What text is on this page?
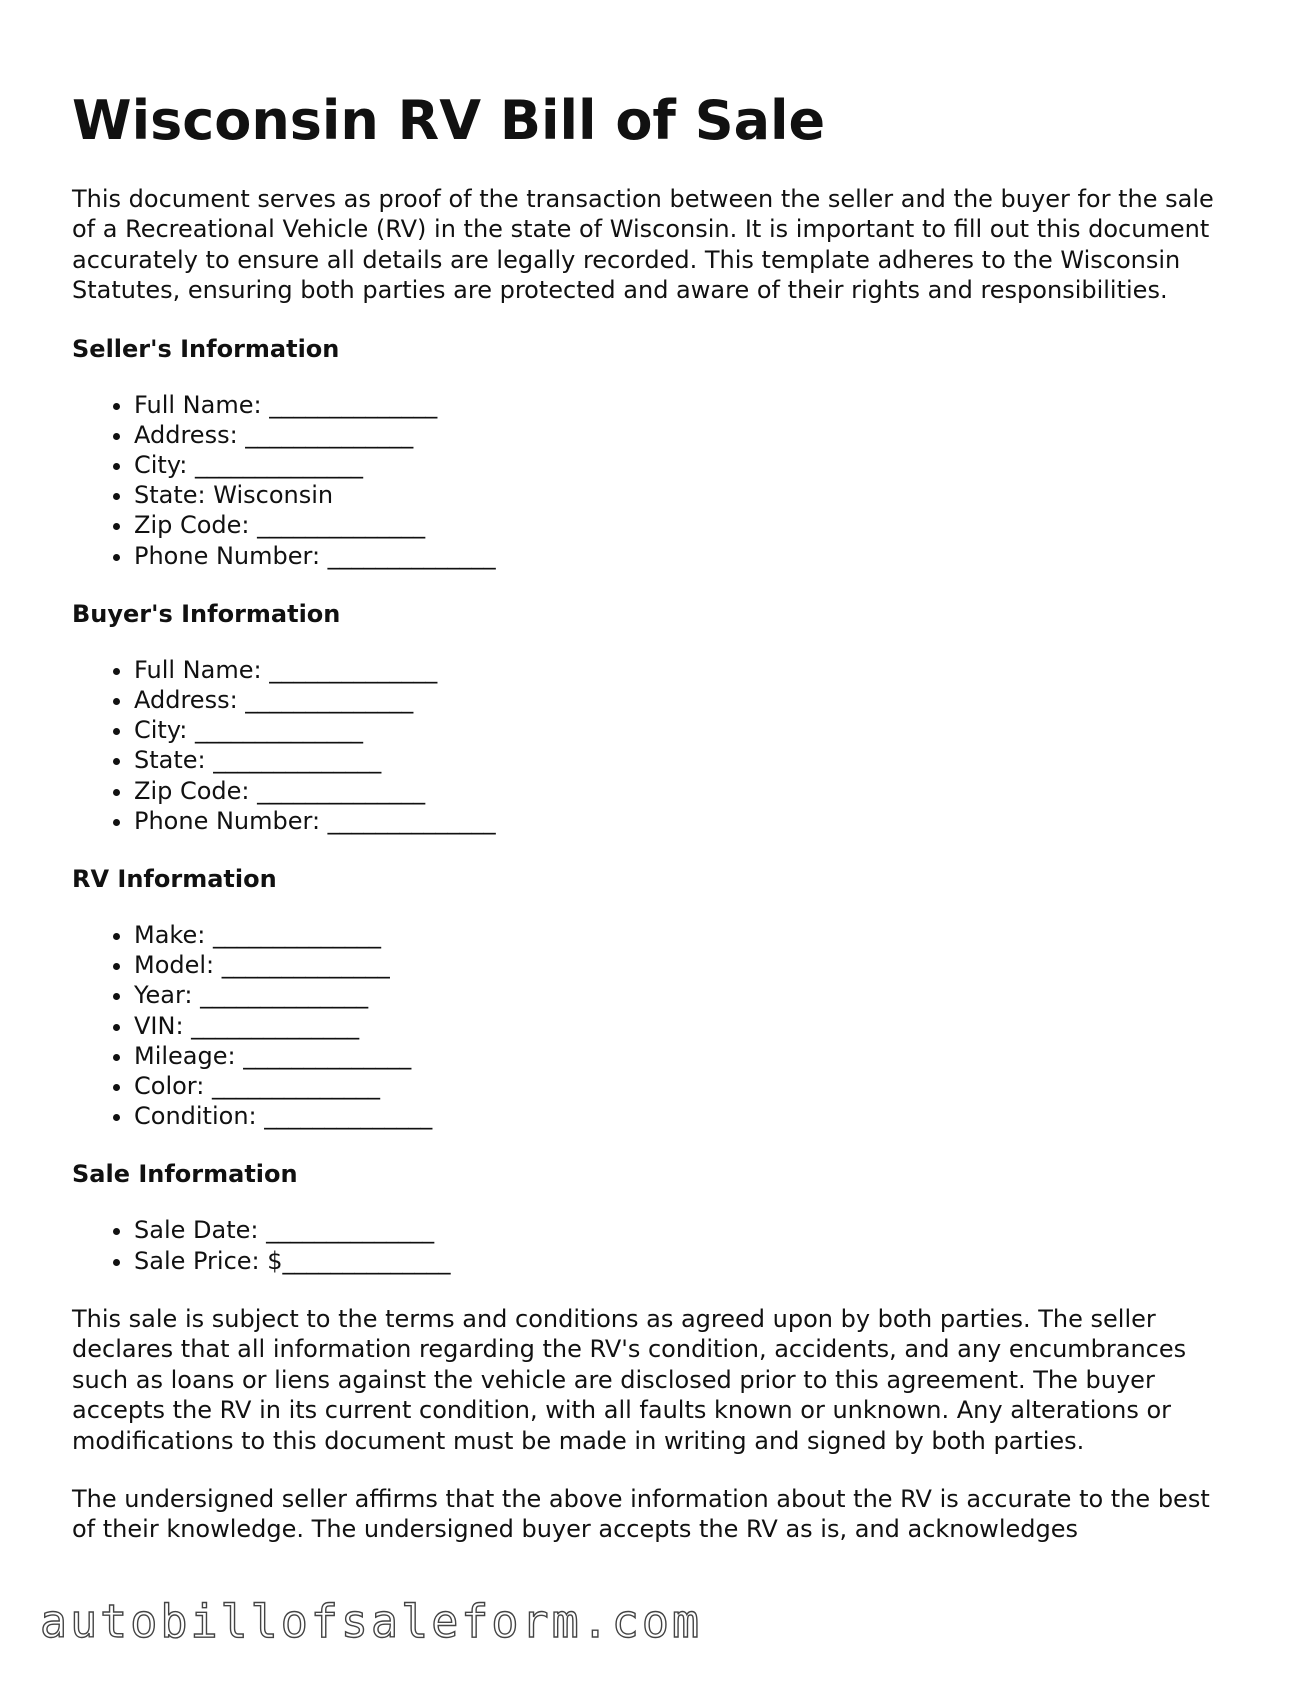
Wisconsin RV Bill of Sale

This document serves as proof of the transaction between the seller and the buyer for the sale of a Recreational Vehicle (RV) in the state of Wisconsin. It is important to fill out this document accurately to ensure all details are legally recorded. This template adheres to the Wisconsin Statutes, ensuring both parties are protected and aware of their rights and responsibilities.

Seller's Information
• Full Name: ______________
• Address: ______________
• City: ______________
• State: Wisconsin
• Zip Code: ______________
• Phone Number: ______________
Buyer's Information
• Full Name: ______________
• Address: ______________
• City: ______________
• State: ______________
• Zip Code: ______________
• Phone Number: ______________
RV Information
• Make: ______________
• Model: ______________
• Year: ______________
• VIN: ______________
• Mileage: ______________
• Color: ______________
• Condition: ______________
Sale Information
• Sale Date: ______________
• Sale Price: $______________

This sale is subject to the terms and conditions as agreed upon by both parties. The seller declares that all information regarding the RV's condition, accidents, and any encumbrances such as loans or liens against the vehicle are disclosed prior to this agreement. The buyer accepts the RV in its current condition, with all faults known or unknown. Any alterations or modifications to this document must be made in writing and signed by both parties.

The undersigned seller affirms that the above information about the RV is accurate to the best of their knowledge. The undersigned buyer accepts the RV as is, and acknowledges

autobillofsaleform.com
